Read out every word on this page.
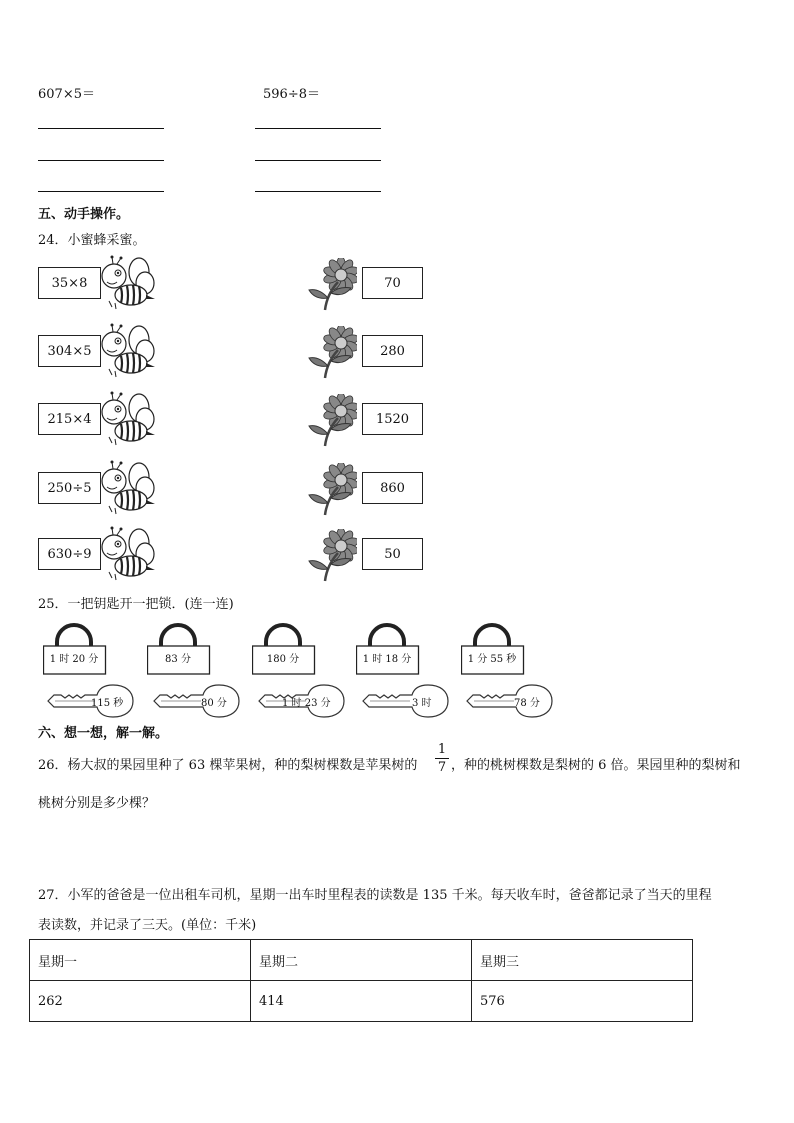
607×5＝	596÷8＝
五、动手操作。
24．小蜜蜂采蜜。
35×8	70
304×5	280
215×4	1520
250÷5	860
630÷9	50
25．一把钥匙开一把锁．(连一连)
1 时 20 分	83 分	180 分	1 时 18 分	1 分 55 秒
115 秒	80 分	1 时 23 分	3 时	78 分
六、想一想，解一解。
26．杨大叔的果园里种了 63 棵苹果树，种的梨树棵数是苹果树的 $\frac{1}{7}$ ，种的桃树棵数是梨树的 6 倍。果园里种的梨树和
桃树分别是多少棵？
27．小军的爸爸是一位出租车司机，星期一出车时里程表的读数是 135 千米。每天收车时，爸爸都记录了当天的里程
表读数，并记录了三天。(单位：千米)
星期一	星期二	星期三
262	414	576
